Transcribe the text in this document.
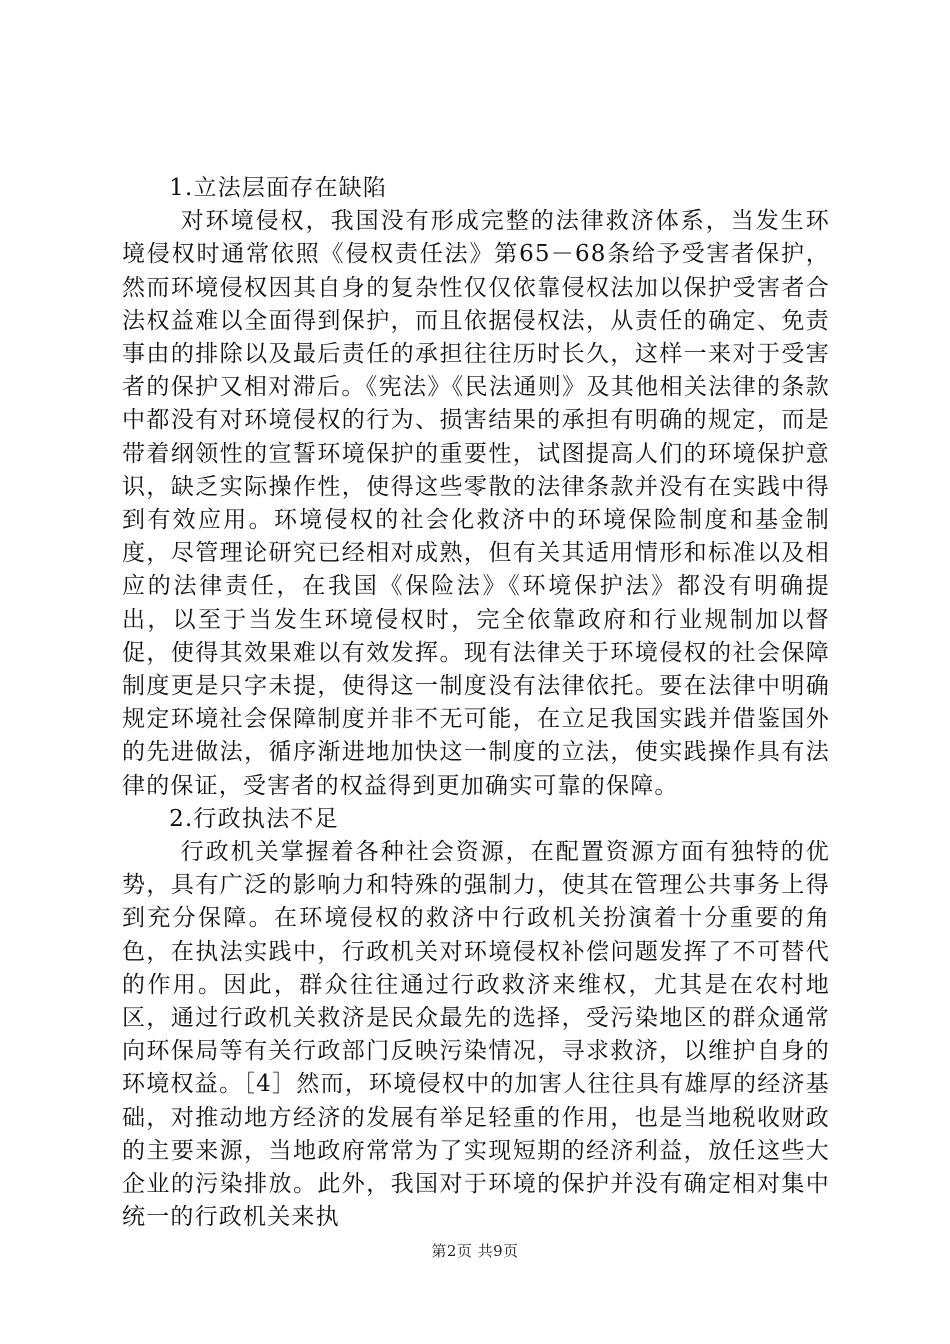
1.立法层面存在缺陷

对环境侵权，我国没有形成完整的法律救济体系，当发生环境侵权时通常依照《侵权责任法》第65－68条给予受害者保护，然而环境侵权因其自身的复杂性仅仅依靠侵权法加以保护受害者合法权益难以全面得到保护，而且依据侵权法，从责任的确定、免责事由的排除以及最后责任的承担往往历时长久，这样一来对于受害者的保护又相对滞后。《宪法》《民法通则》及其他相关法律的条款中都没有对环境侵权的行为、损害结果的承担有明确的规定，而是带着纲领性的宣誓环境保护的重要性，试图提高人们的环境保护意识，缺乏实际操作性，使得这些零散的法律条款并没有在实践中得到有效应用。环境侵权的社会化救济中的环境保险制度和基金制度，尽管理论研究已经相对成熟，但有关其适用情形和标准以及相应的法律责任，在我国《保险法》《环境保护法》都没有明确提出，以至于当发生环境侵权时，完全依靠政府和行业规制加以督促，使得其效果难以有效发挥。现有法律关于环境侵权的社会保障制度更是只字未提，使得这一制度没有法律依托。要在法律中明确规定环境社会保障制度并非不无可能，在立足我国实践并借鉴国外的先进做法，循序渐进地加快这一制度的立法，使实践操作具有法律的保证，受害者的权益得到更加确实可靠的保障。

2.行政执法不足

行政机关掌握着各种社会资源，在配置资源方面有独特的优势，具有广泛的影响力和特殊的强制力，使其在管理公共事务上得到充分保障。在环境侵权的救济中行政机关扮演着十分重要的角色，在执法实践中，行政机关对环境侵权补偿问题发挥了不可替代的作用。因此，群众往往通过行政救济来维权，尤其是在农村地区，通过行政机关救济是民众最先的选择，受污染地区的群众通常向环保局等有关行政部门反映污染情况，寻求救济，以维护自身的环境权益。［4］然而，环境侵权中的加害人往往具有雄厚的经济基础，对推动地方经济的发展有举足轻重的作用，也是当地税收财政的主要来源，当地政府常常为了实现短期的经济利益，放任这些大企业的污染排放。此外，我国对于环境的保护并没有确定相对集中统一的行政机关来执

第2页 共9页
